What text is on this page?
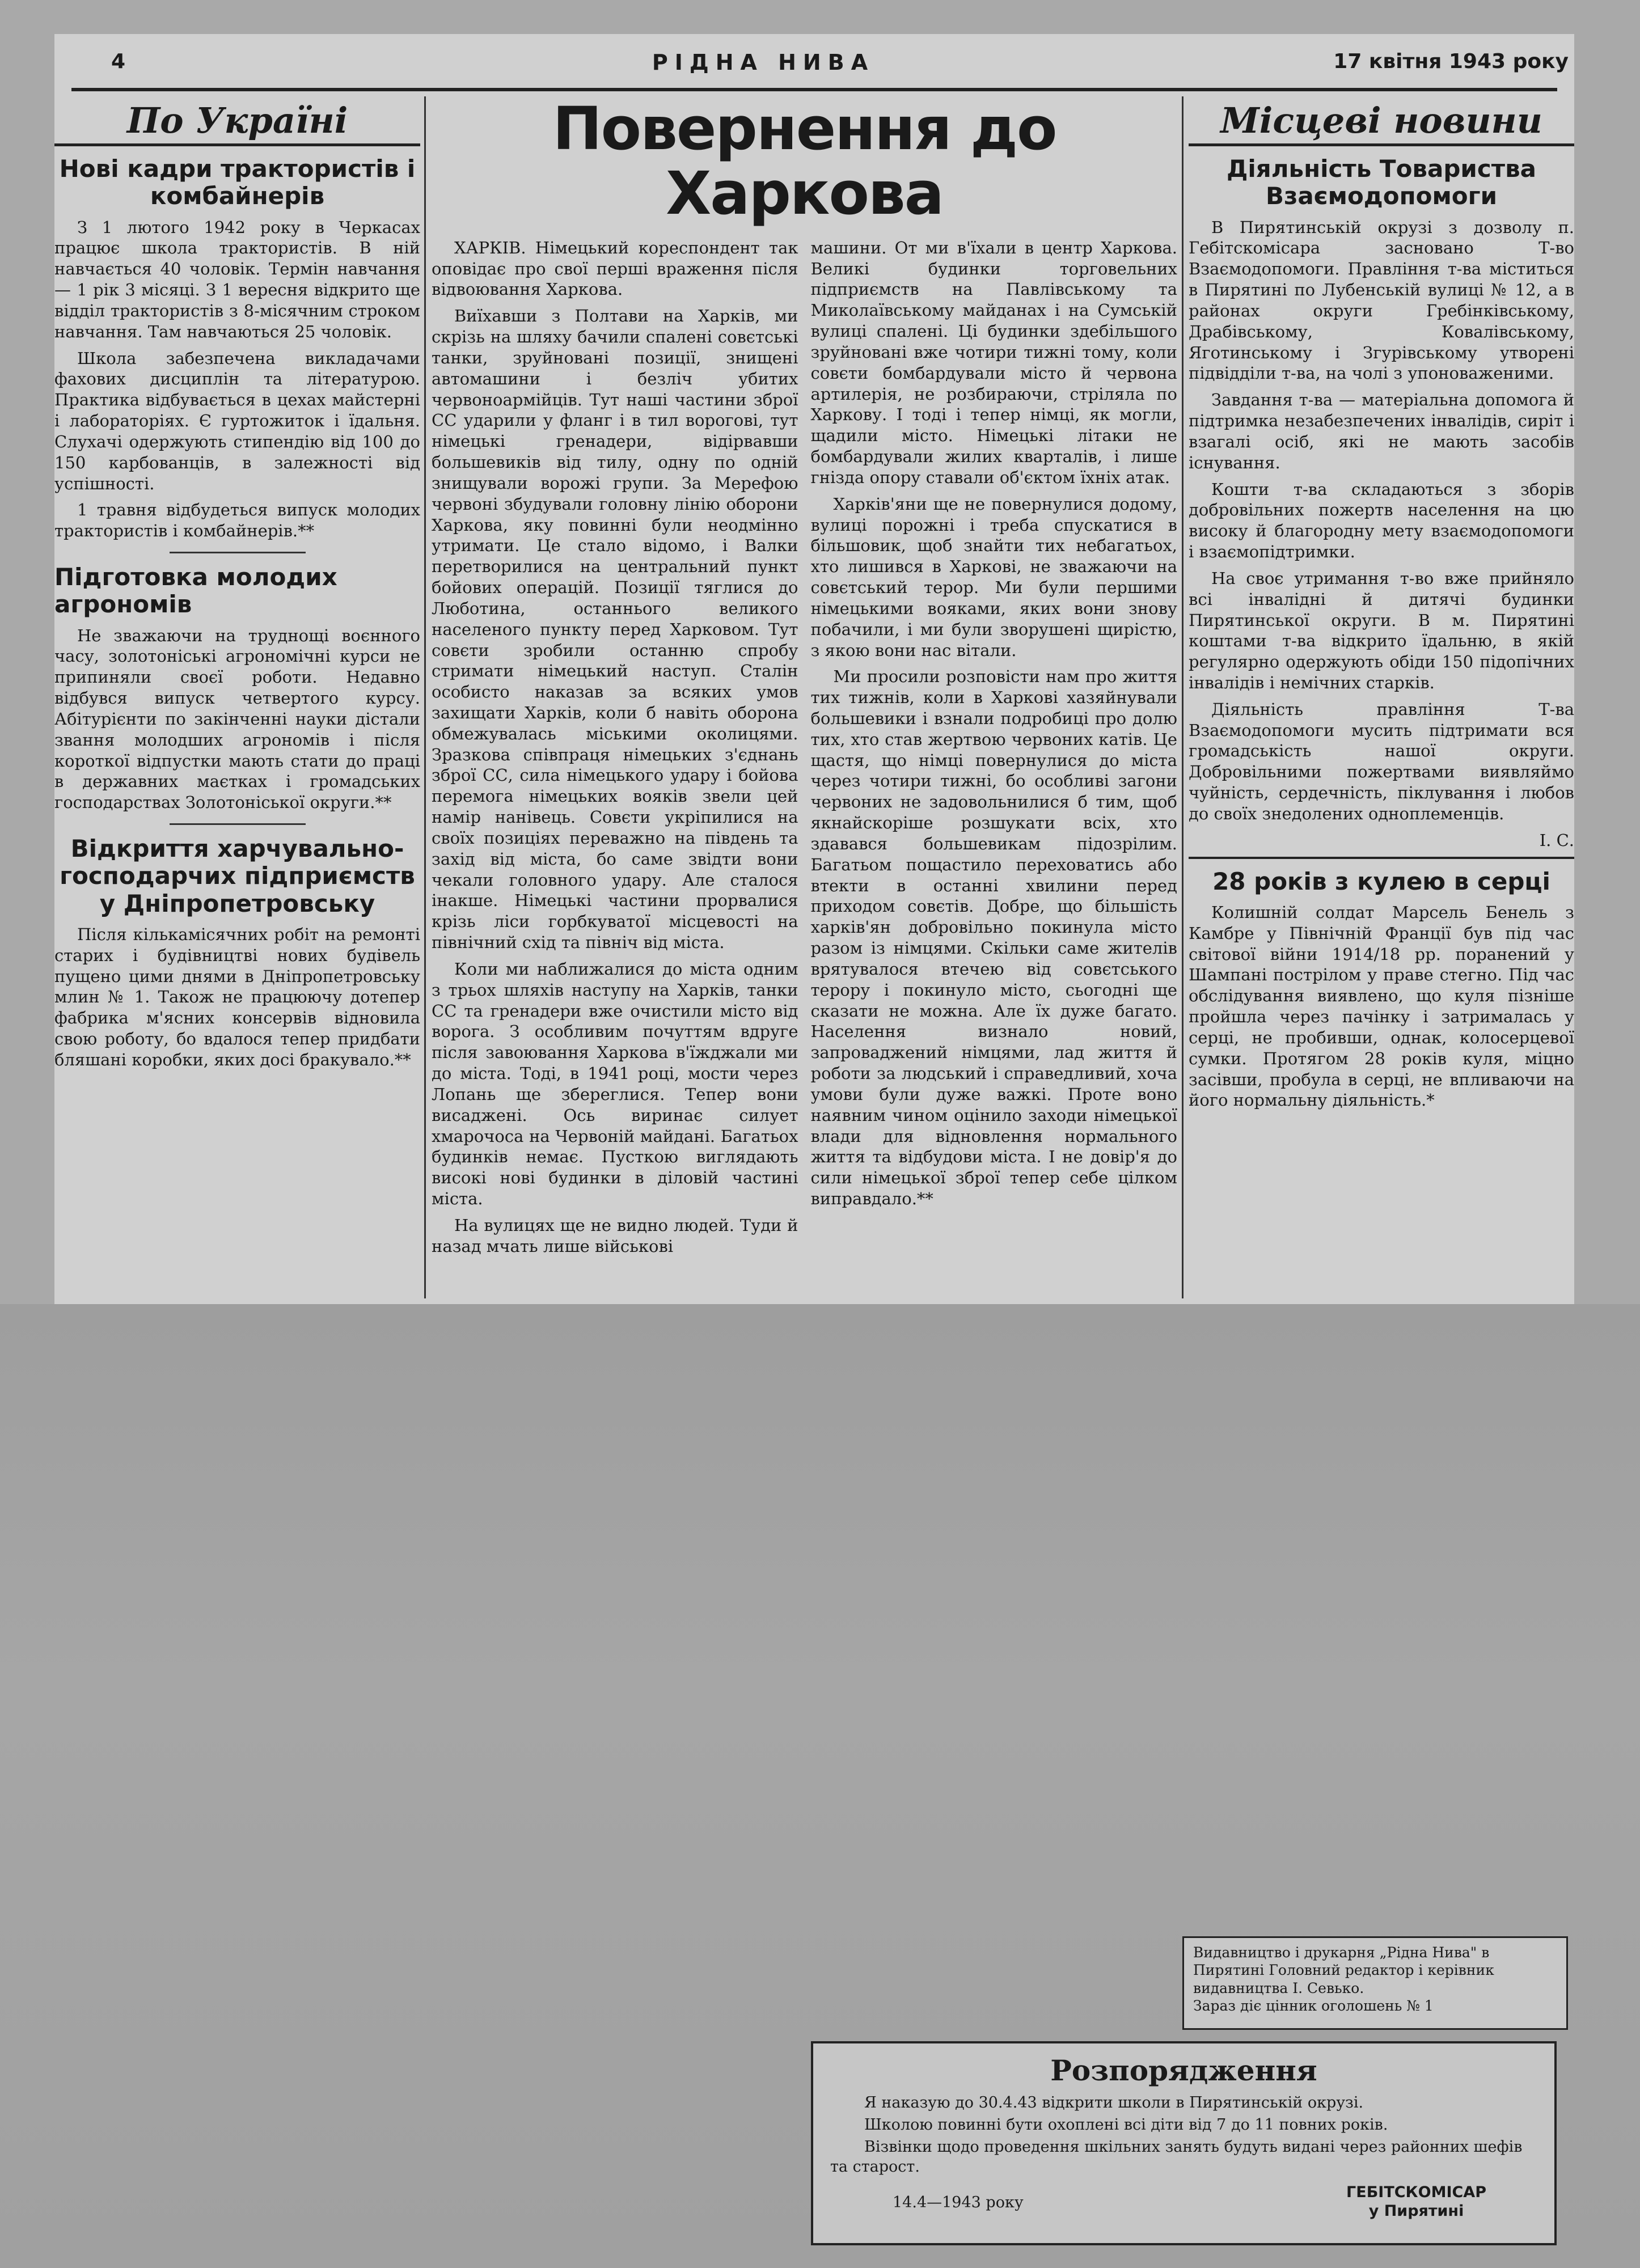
4	РІДНА НИВА	17 квітня 1943 року
По Україні
Нові кадри трактористів і комбайнерів

З 1 лютого 1942 року в Черкасах працює школа трактористів. В ній навчається 40 чоловік. Термін навчання — 1 рік 3 місяці. З 1 вересня відкрито ще відділ трактористів з 8-місячним строком навчання. Там навчаються 25 чоловік.

Школа забезпечена викладачами фахових дисциплін та літературою. Практика відбувається в цехах майстерні і лабораторіях. Є гуртожиток і їдальня. Слухачі одержують стипендію від 100 до 150 карбованців, в залежності від успішності.

1 травня відбудеться випуск молодих трактористів і комбайнерів.**

Підготовка молодих агрономів

Не зважаючи на труднощі воєнного часу, золотоніські агрономічні курси не припиняли своєї роботи. Недавно відбувся випуск четвертого курсу. Абітурієнти по закінченні науки дістали звання молодших агрономів і після короткої відпустки мають стати до праці в державних маєтках і громадських господарствах Золотоніської округи.**

Відкриття харчувально-господарчих підприємств у Дніпропетровську

Після кількамісячних робіт на ремонті старих і будівництві нових будівель пущено цими днями в Дніпропетровську млин № 1. Також не працюючу дотепер фабрика м'ясних консервів відновила свою роботу, бо вдалося тепер придбати бляшані коробки, яких досі бракувало.**

Повернення до Харкова

ХАРКІВ. Німецький кореспондент так оповідає про свої перші враження після відвоювання Харкова.

Виїхавши з Полтави на Харків, ми скрізь на шляху бачили спалені совєтські танки, зруйновані позиції, знищені автомашини і безліч убитих червоноармійців. Тут наші частини зброї СС ударили у фланг і в тил ворогові, тут німецькі гренадери, відірвавши большевиків від тилу, одну по одній знищували ворожі групи. За Мерефою червоні збудували головну лінію оборони Харкова, яку повинні були неодмінно утримати. Це стало відомо, і Валки перетворилися на центральний пункт бойових операцій. Позиції тяглися до Люботина, останнього великого населеного пункту перед Харковом. Тут совєти зробили останню спробу стримати німецький наступ. Сталін особисто наказав за всяких умов захищати Харків, коли б навіть оборона обмежувалась міськими околицями. Зразкова співпраця німецьких з'єднань зброї СС, сила німецького удару і бойова перемога німецьких вояків звели цей намір нанівець. Совєти укріпилися на своїх позиціях переважно на південь та захід від міста, бо саме звідти вони чекали головного удару. Але сталося інакше. Німецькі частини прорвалися крізь ліси горбкуватої місцевості на північний схід та північ від міста.

Коли ми наближалися до міста одним з трьох шляхів наступу на Харків, танки СС та гренадери вже очистили місто від ворога. З особливим почуттям вдруге після завоювання Харкова в'їжджали ми до міста. Тоді, в 1941 році, мости через Лопань ще збереглися. Тепер вони висаджені. Ось виринає силует хмарочоса на Червоній майдані. Багатьох будинків немає. Пусткою виглядають високі нові будинки в діловій частині міста.

На вулицях ще не видно людей. Туди й назад мчать лише військові

машини. От ми в'їхали в центр Харкова. Великі будинки торговельних підприємств на Павлівському та Миколаївському майданах і на Сумській вулиці спалені. Ці будинки здебільшого зруйновані вже чотири тижні тому, коли совєти бомбардували місто й червона артилерія, не розбираючи, стріляла по Харкову. І тоді і тепер німці, як могли, щадили місто. Німецькі літаки не бомбардували жилих кварталів, і лише гнізда опору ставали об'єктом їхніх атак.

Харків'яни ще не повернулися додому, вулиці порожні і треба спускатися в більшовик, щоб знайти тих небагатьох, хто лишився в Харкові, не зважаючи на совєтський терор. Ми були першими німецькими вояками, яких вони знову побачили, і ми були зворушені щирістю, з якою вони нас вітали.

Ми просили розповісти нам про життя тих тижнів, коли в Харкові хазяйнували большевики і взнали подробиці про долю тих, хто став жертвою червоних катів. Це щастя, що німці повернулися до міста через чотири тижні, бо особливі загони червоних не задовольнилися б тим, щоб якнайскоріше розшукати всіх, хто здавався большевикам підозрілим. Багатьом пощастило переховатись або втекти в останні хвилини перед приходом совєтів. Добре, що більшість харків'ян добровільно покинула місто разом із німцями. Скільки саме жителів врятувалося втечею від совєтського терору і покинуло місто, сьогодні ще сказати не можна. Але їх дуже багато. Населення визнало новий, запроваджений німцями, лад життя й роботи за людський і справедливий, хоча умови були дуже важкі. Проте воно наявним чином оцінило заходи німецької влади для відновлення нормального життя та відбудови міста. І не довір'я до сили німецької зброї тепер себе цілком виправдало.**

Місцеві новини
Діяльність Товариства Взаємодопомоги

В Пирятинській окрузі з дозволу п. Гебітскомісара засновано Т-во Взаємодопомоги. Правління т-ва міститься в Пирятині по Лубенській вулиці № 12, а в районах округи Гребінківському, Драбівському, Ковалівському, Яготинському і Згурівському утворені підвідділи т-ва, на чолі з упоноваженими.

Завдання т-ва — матеріальна допомога й підтримка незабезпечених інвалідів, сиріт і взагалі осіб, які не мають засобів існування.

Кошти т-ва складаються з зборів добровільних пожертв населення на цю високу й благородну мету взаємодопомоги і взаємопідтримки.

На своє утримання т-во вже прийняло всі інвалідні й дитячі будинки Пирятинської округи. В м. Пирятині коштами т-ва відкрито їдальню, в якій регулярно одержують обіди 150 підопічних інвалідів і немічних старків.

Діяльність правління Т-ва Взаємодопомоги мусить підтримати вся громадськість нашої округи. Добровільними пожертвами виявляймо чуйність, сердечність, піклування і любов до своїх знедолених одноплеменців.

І. С.

28 років з кулею в серці

Колишній солдат Марсель Бенель з Камбре у Північній Франції був під час світової війни 1914/18 рр. поранений у Шампані пострілом у праве стегно. Під час обслідування виявлено, що куля пізніше пройшла через пачінку і затрималась у серці, не пробивши, однак, колосерцевої сумки. Протягом 28 років куля, міцно засівши, пробула в серці, не впливаючи на його нормальну діяльність.*

Видавництво і друкарня „Рідна Нива" в Пирятині Головний редактор і керівник видавництва І. Севько.
Зараз діє цінник оголошень № 1

Розпорядження

Я наказую до 30.4.43 відкрити школи в Пирятинській окрузі.

Школою повинні бути охоплені всі діти від 7 до 11 повних років.

Візвінки щодо проведення шкільних занять будуть видані через районних шефів та старост.

14.4—1943 року
ГЕБІТСКОМІСАР
у Пирятині
